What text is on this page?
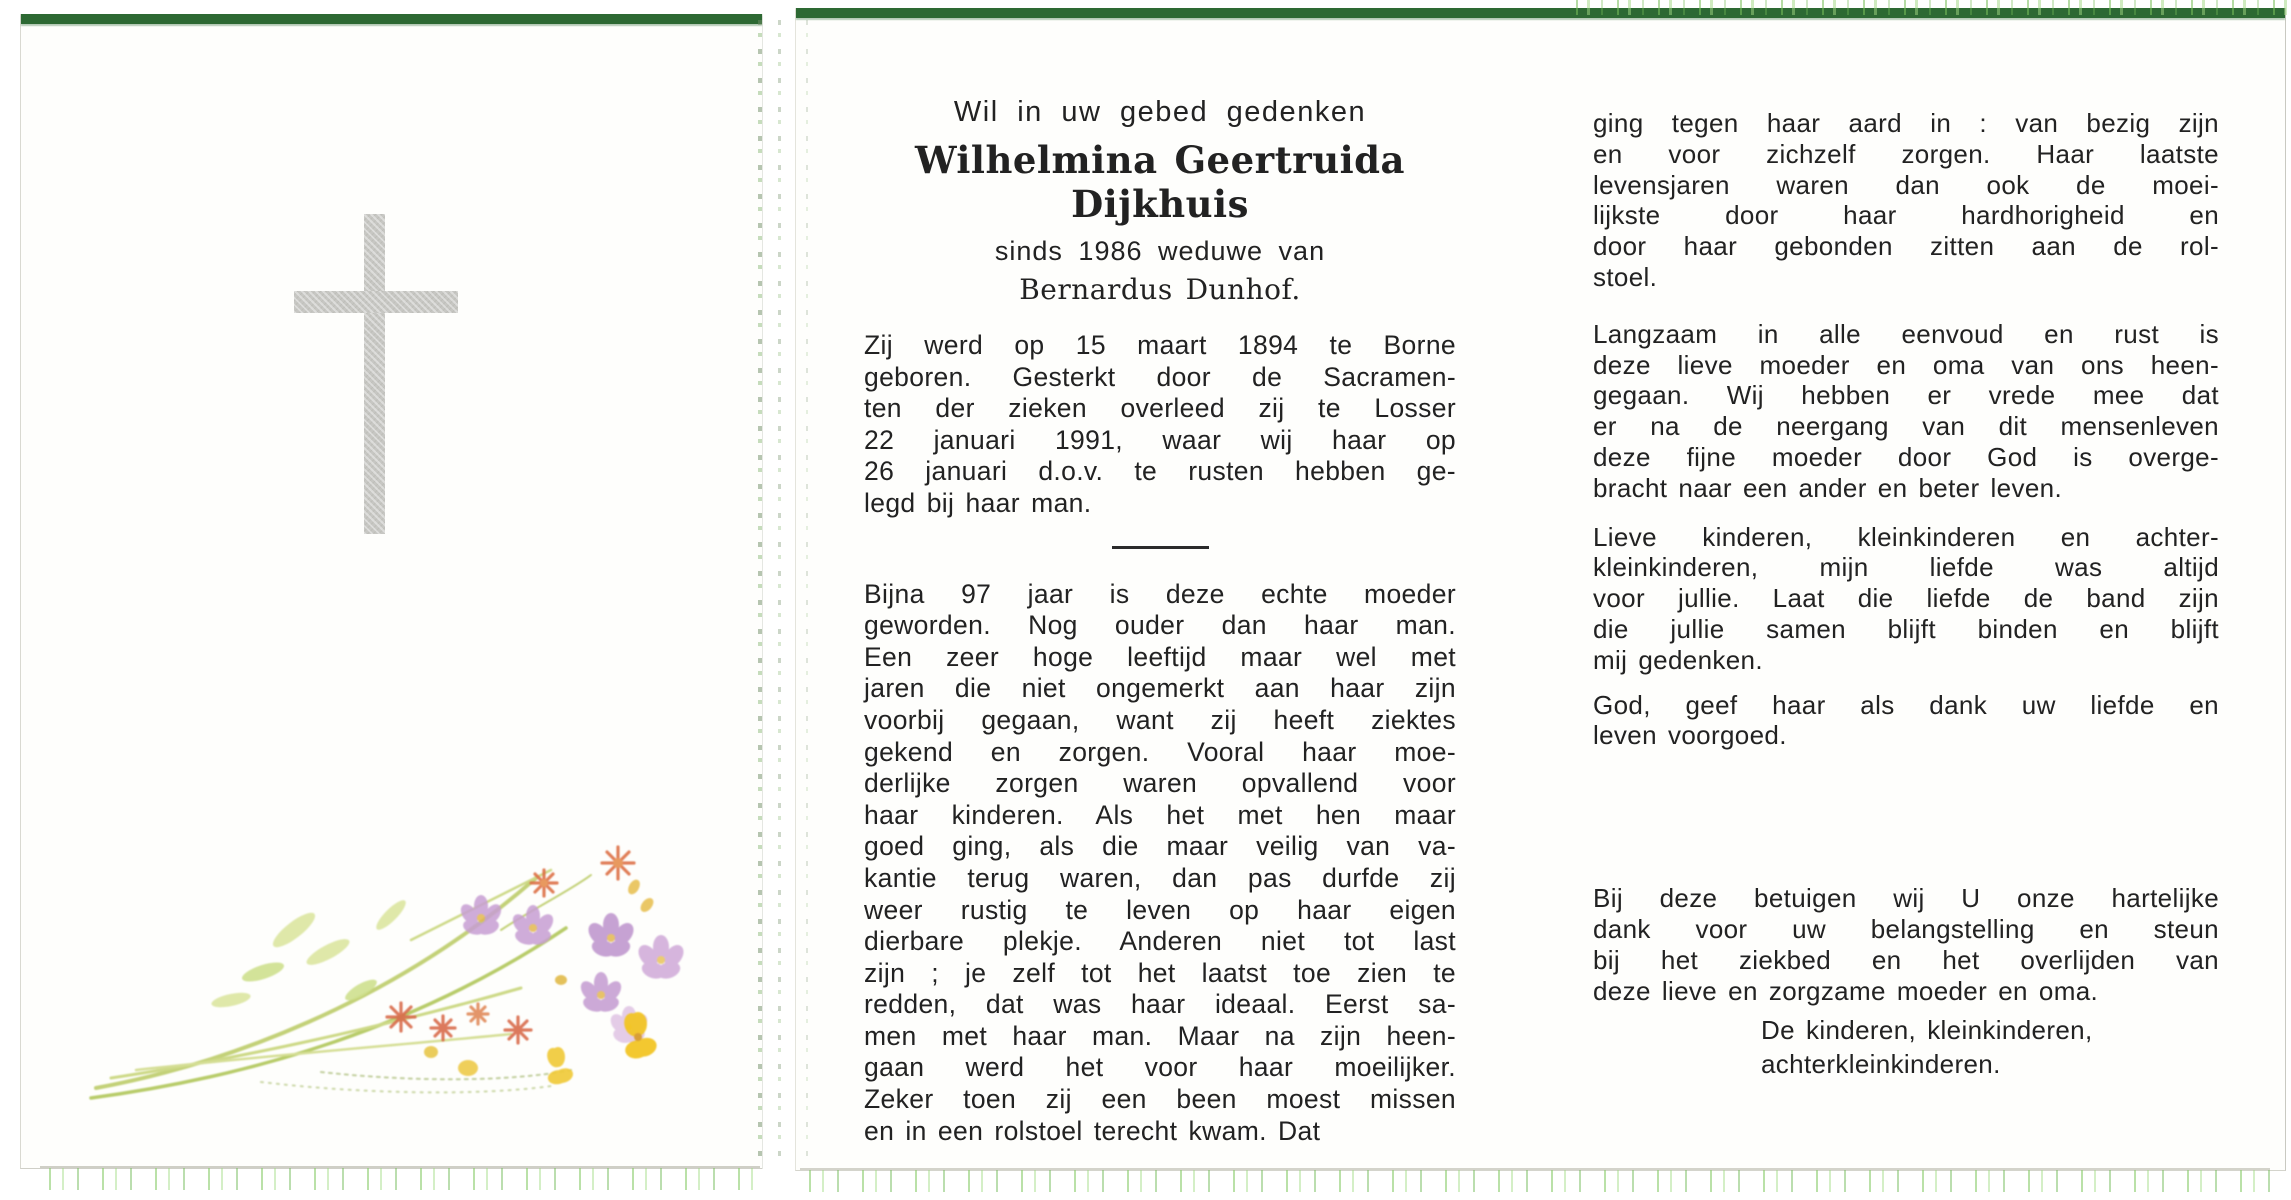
Wil in uw gebed gedenken
Wilhelmina Geertruida Dijkhuis
sinds 1986 weduwe van
Bernardus Dunhof.
Zij werd op 15 maart 1894 te Borne
geboren. Gesterkt door de Sacramen-
ten der zieken overleed zij te Losser
22 januari 1991, waar wij haar op
26 januari d.o.v. te rusten hebben ge-
legd bij haar man.
Bijna 97 jaar is deze echte moeder
geworden. Nog ouder dan haar man.
Een zeer hoge leeftijd maar wel met
jaren die niet ongemerkt aan haar zijn
voorbij gegaan, want zij heeft ziektes
gekend en zorgen. Vooral haar moe-
derlijke zorgen waren opvallend voor
haar kinderen. Als het met hen maar
goed ging, als die maar veilig van va-
kantie terug waren, dan pas durfde zij
weer rustig te leven op haar eigen
dierbare plekje. Anderen niet tot last
zijn ; je zelf tot het laatst toe zien te
redden, dat was haar ideaal. Eerst sa-
men met haar man. Maar na zijn heen-
gaan werd het voor haar moeilijker.
Zeker toen zij een been moest missen
en in een rolstoel terecht kwam. Dat
ging tegen haar aard in : van bezig zijn
en voor zichzelf zorgen. Haar laatste
levensjaren waren dan ook de moei-
lijkste door haar hardhorigheid en
door haar gebonden zitten aan de rol-
stoel.
Langzaam in alle eenvoud en rust is
deze lieve moeder en oma van ons heen-
gegaan. Wij hebben er vrede mee dat
er na de neergang van dit mensenleven
deze fijne moeder door God is overge-
bracht naar een ander en beter leven.
Lieve kinderen, kleinkinderen en achter-
kleinkinderen, mijn liefde was altijd
voor jullie. Laat die liefde de band zijn
die jullie samen blijft binden en blijft
mij gedenken.
God, geef haar als dank uw liefde en
leven voorgoed.
Bij deze betuigen wij U onze hartelijke
dank voor uw belangstelling en steun
bij het ziekbed en het overlijden van
deze lieve en zorgzame moeder en oma.
De kinderen, kleinkinderen,
achterkleinkinderen.
